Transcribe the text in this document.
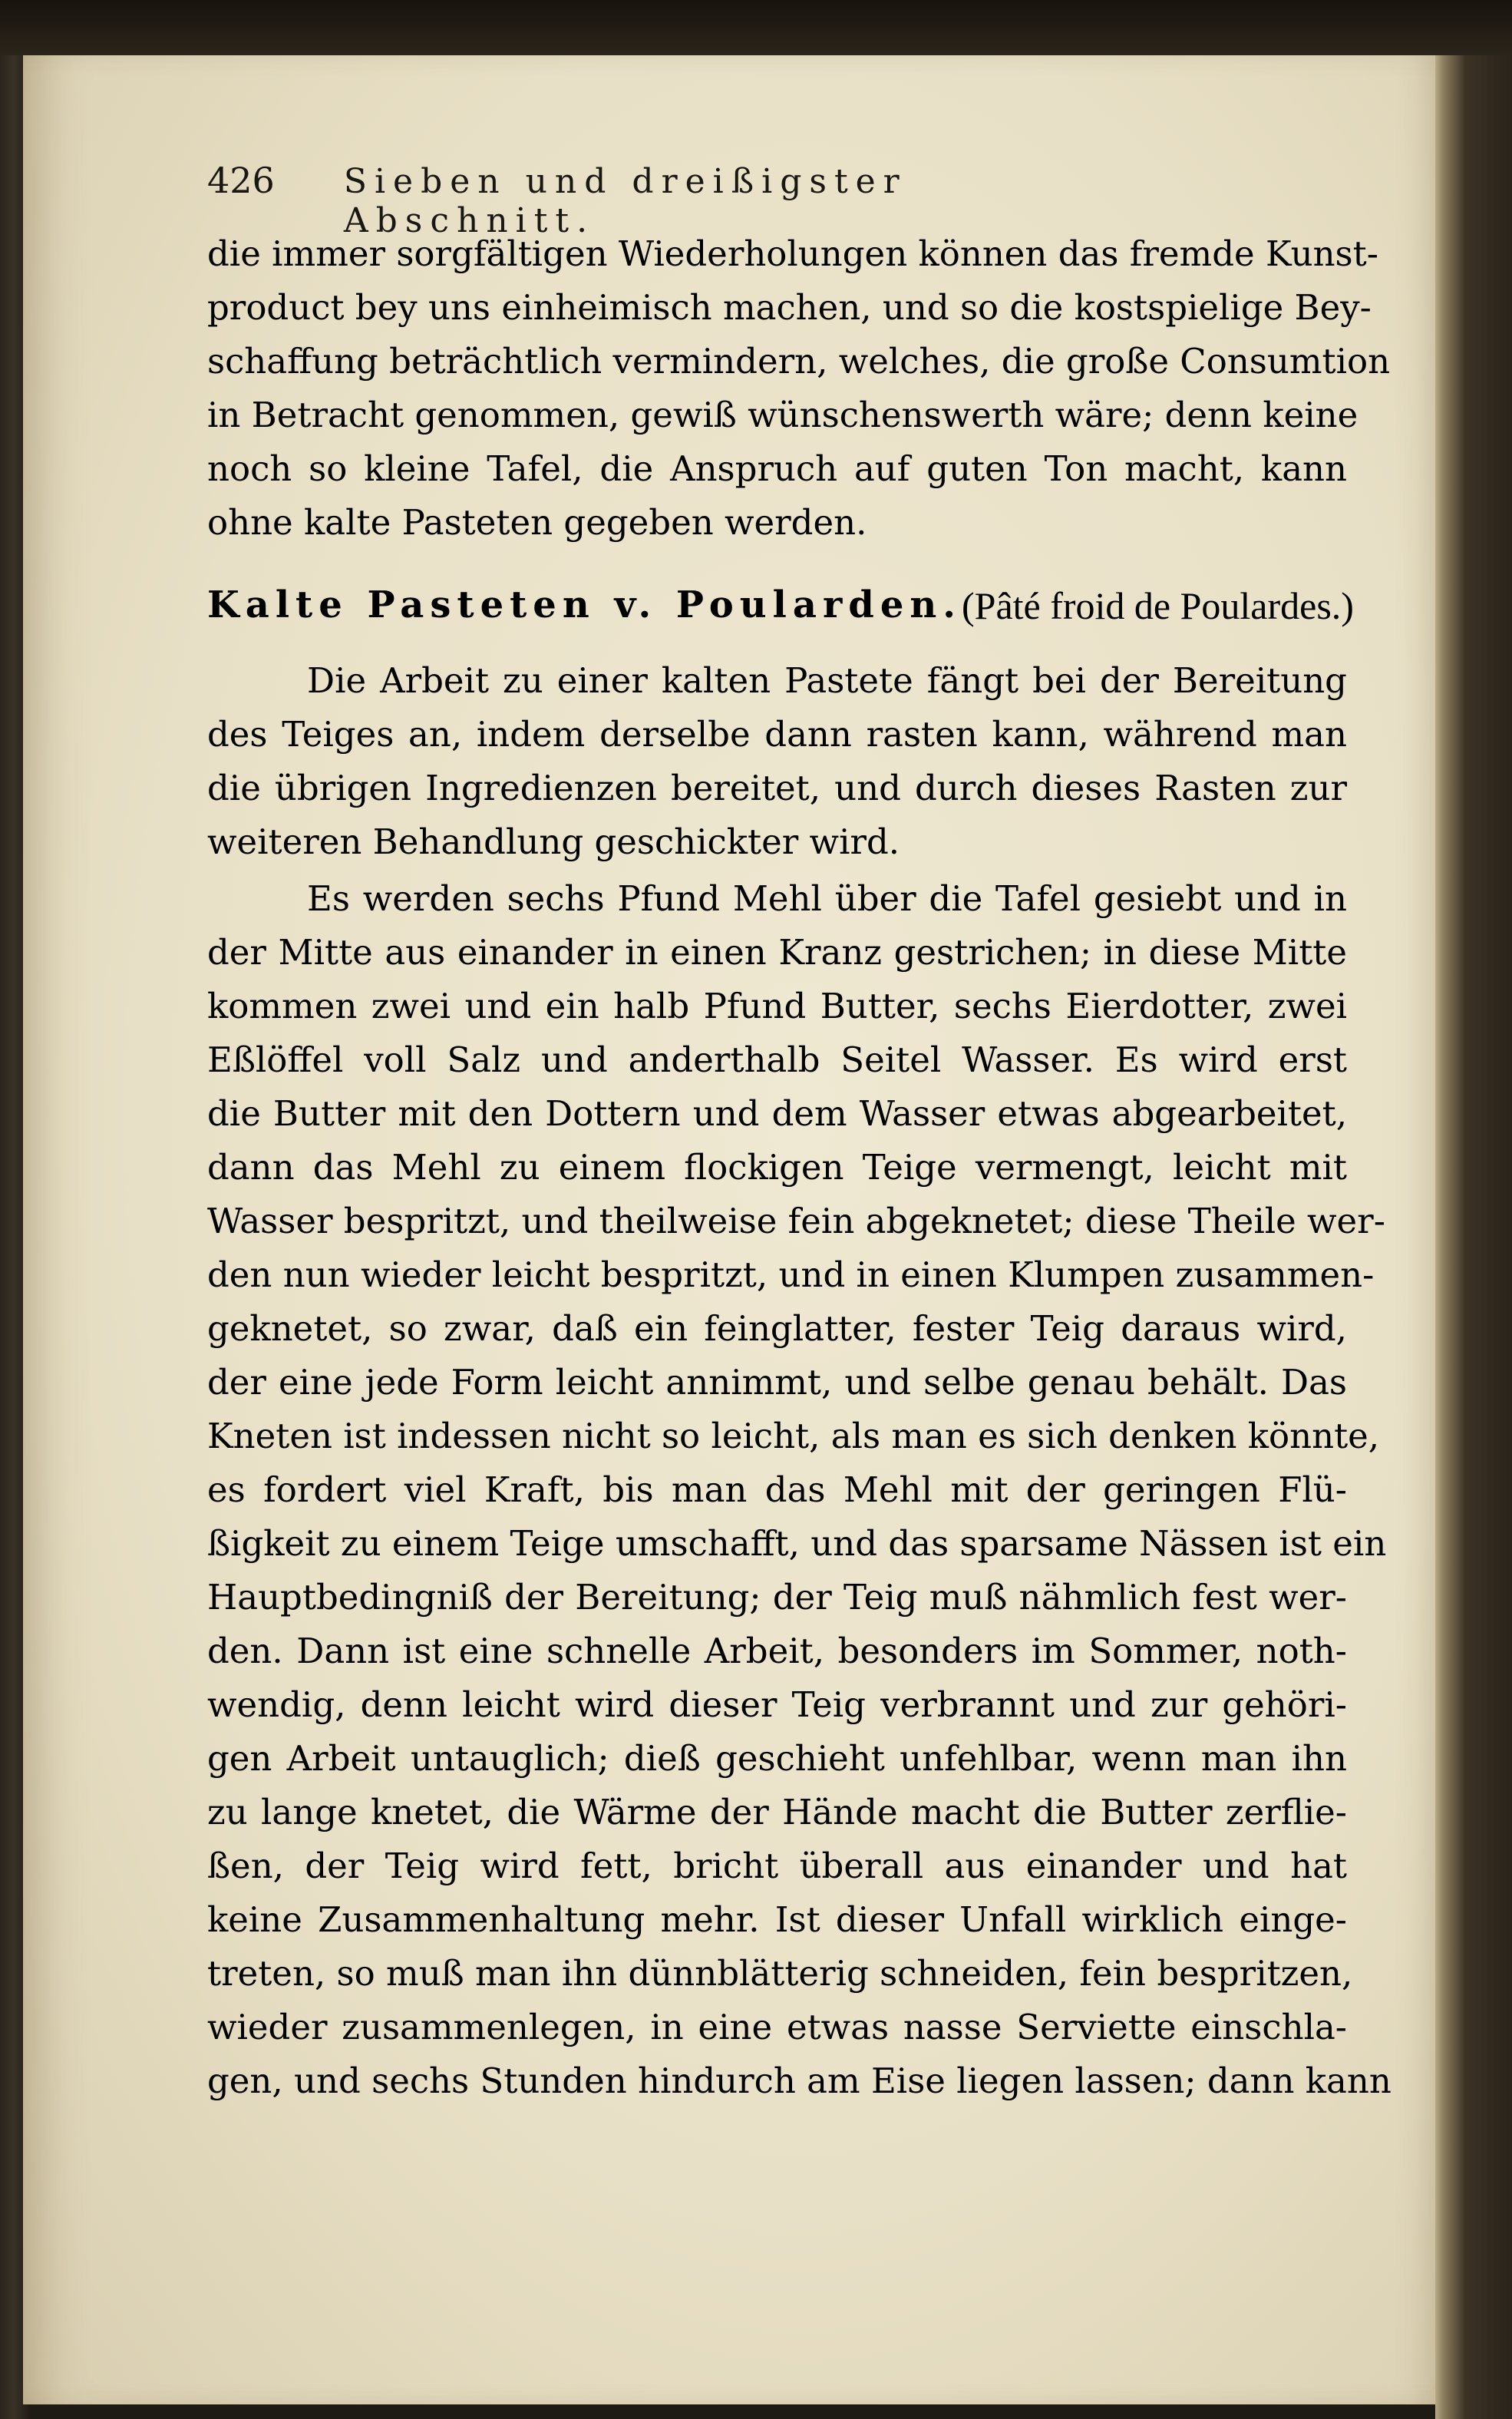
426 Sieben und dreißigster Abschnitt.
die immer sorgfältigen Wiederholungen können das fremde Kunst-
product bey uns einheimisch machen, und so die kostspielige Bey-
schaffung beträchtlich vermindern, welches, die große Consumtion
in Betracht genommen, gewiß wünschenswerth wäre; denn keine
noch so kleine Tafel, die Anspruch auf guten Ton macht, kann
ohne kalte Pasteten gegeben werden.
Kalte Pasteten v. Poularden. (Pâté froid de Poulardes.)
Die Arbeit zu einer kalten Pastete fängt bei der Bereitung
des Teiges an, indem derselbe dann rasten kann, während man
die übrigen Ingredienzen bereitet, und durch dieses Rasten zur
weiteren Behandlung geschickter wird.
Es werden sechs Pfund Mehl über die Tafel gesiebt und in
der Mitte aus einander in einen Kranz gestrichen; in diese Mitte
kommen zwei und ein halb Pfund Butter, sechs Eierdotter, zwei
Eßlöffel voll Salz und anderthalb Seitel Wasser. Es wird erst
die Butter mit den Dottern und dem Wasser etwas abgearbeitet,
dann das Mehl zu einem flockigen Teige vermengt, leicht mit
Wasser bespritzt, und theilweise fein abgeknetet; diese Theile wer-
den nun wieder leicht bespritzt, und in einen Klumpen zusammen-
geknetet, so zwar, daß ein feinglatter, fester Teig daraus wird,
der eine jede Form leicht annimmt, und selbe genau behält. Das
Kneten ist indessen nicht so leicht, als man es sich denken könnte,
es fordert viel Kraft, bis man das Mehl mit der geringen Flü-
ßigkeit zu einem Teige umschafft, und das sparsame Nässen ist ein
Hauptbedingniß der Bereitung; der Teig muß nähmlich fest wer-
den. Dann ist eine schnelle Arbeit, besonders im Sommer, noth-
wendig, denn leicht wird dieser Teig verbrannt und zur gehöri-
gen Arbeit untauglich; dieß geschieht unfehlbar, wenn man ihn
zu lange knetet, die Wärme der Hände macht die Butter zerflie-
ßen, der Teig wird fett, bricht überall aus einander und hat
keine Zusammenhaltung mehr. Ist dieser Unfall wirklich einge-
treten, so muß man ihn dünnblätterig schneiden, fein bespritzen,
wieder zusammenlegen, in eine etwas nasse Serviette einschla-
gen, und sechs Stunden hindurch am Eise liegen lassen; dann kann
